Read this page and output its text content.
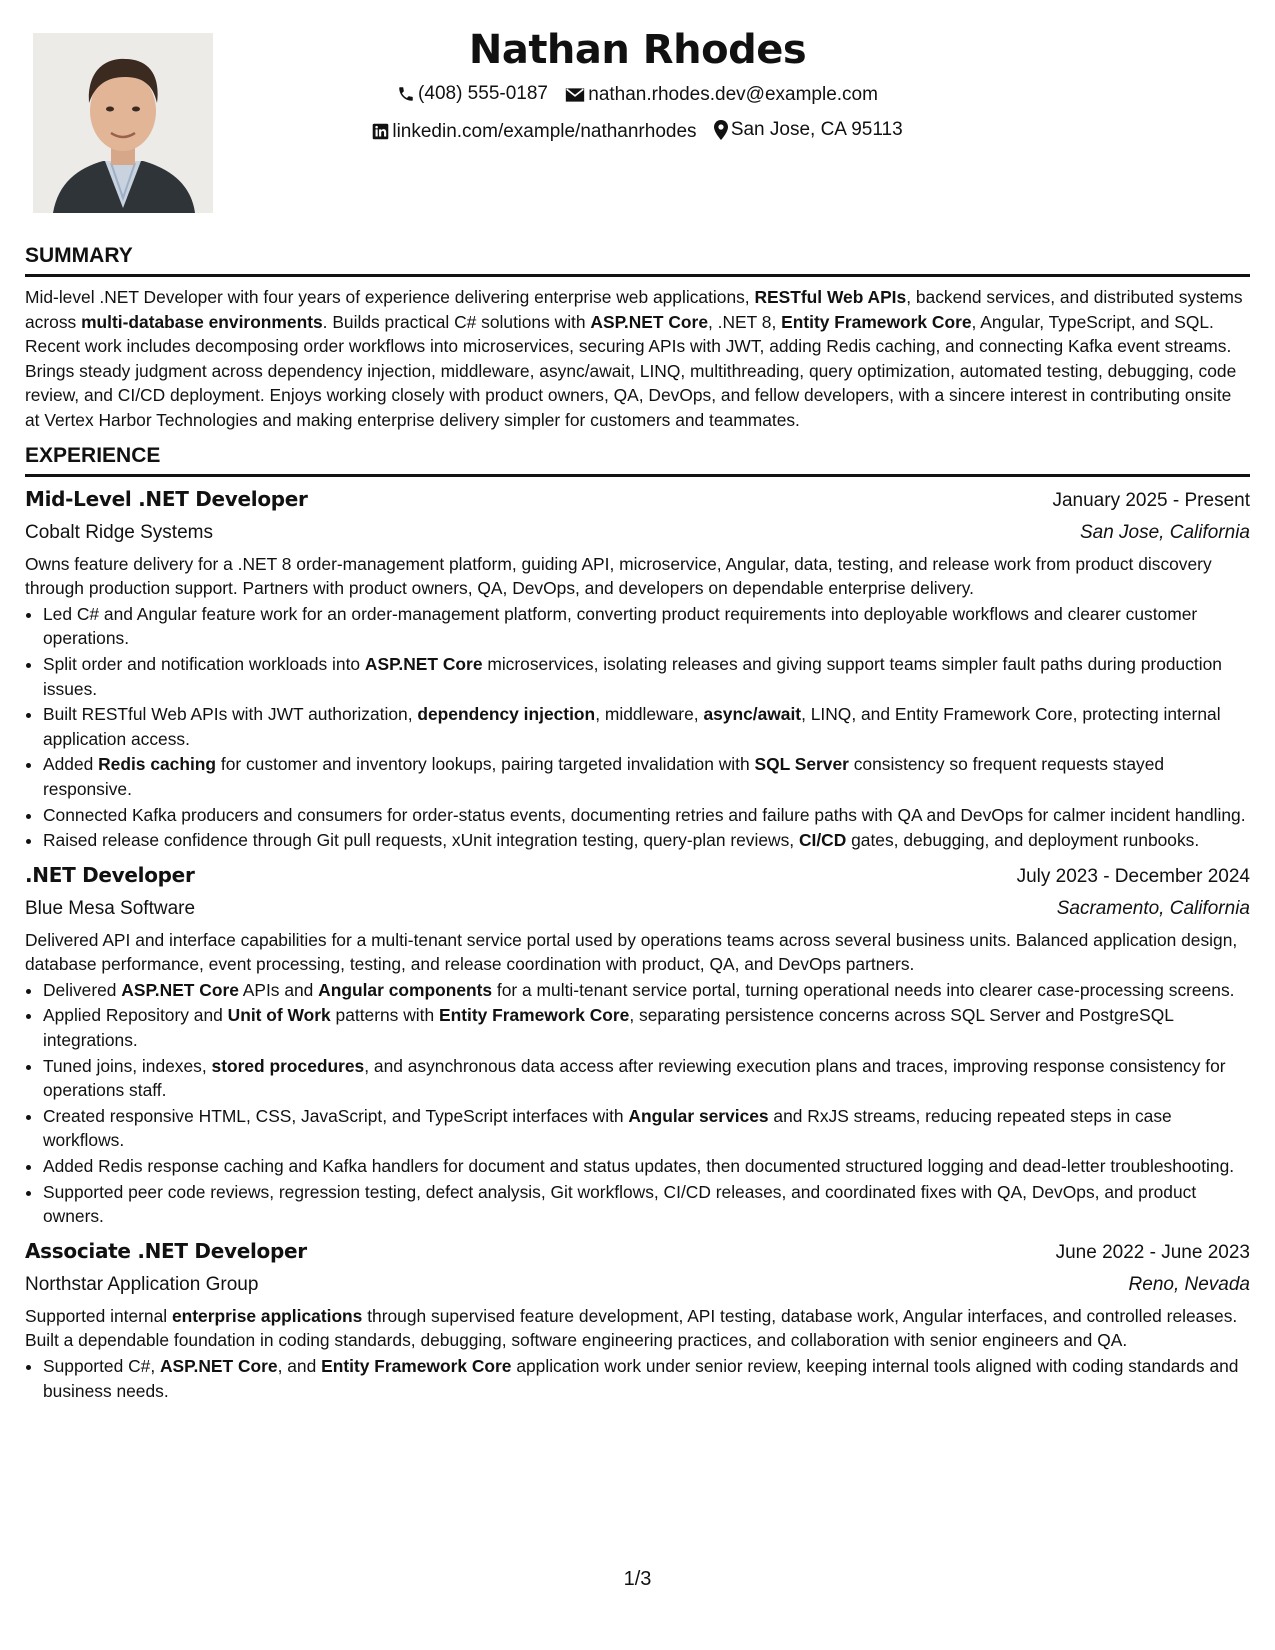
Nathan Rhodes
(408) 555-0187
nathan.rhodes.dev@example.com
linkedin.com/example/nathanrhodes
San Jose, CA 95113
SUMMARY

Mid-level .NET Developer with four years of experience delivering enterprise web applications, RESTful Web APIs, backend services, and distributed systems across multi-database environments. Builds practical C# solutions with ASP.NET Core, .NET 8, Entity Framework Core, Angular, TypeScript, and SQL. Recent work includes decomposing order workflows into microservices, securing APIs with JWT, adding Redis caching, and connecting Kafka event streams. Brings steady judgment across dependency injection, middleware, async/await, LINQ, multithreading, query optimization, automated testing, debugging, code review, and CI/CD deployment. Enjoys working closely with product owners, QA, DevOps, and fellow developers, with a sincere interest in contributing onsite at Vertex Harbor Technologies and making enterprise delivery simpler for customers and teammates.

EXPERIENCE
Mid-Level .NET Developer	January 2025 - Present
Cobalt Ridge Systems	San Jose, California

Owns feature delivery for a .NET 8 order-management platform, guiding API, microservice, Angular, data, testing, and release work from product discovery through production support. Partners with product owners, QA, DevOps, and developers on dependable enterprise delivery.

• Led C# and Angular feature work for an order-management platform, converting product requirements into deployable workflows and clearer customer operations.
• Split order and notification workloads into ASP.NET Core microservices, isolating releases and giving support teams simpler fault paths during production issues.
• Built RESTful Web APIs with JWT authorization, dependency injection, middleware, async/await, LINQ, and Entity Framework Core, protecting internal application access.
• Added Redis caching for customer and inventory lookups, pairing targeted invalidation with SQL Server consistency so frequent requests stayed responsive.
• Connected Kafka producers and consumers for order-status events, documenting retries and failure paths with QA and DevOps for calmer incident handling.
• Raised release confidence through Git pull requests, xUnit integration testing, query-plan reviews, CI/CD gates, debugging, and deployment runbooks.
.NET Developer	July 2023 - December 2024
Blue Mesa Software	Sacramento, California

Delivered API and interface capabilities for a multi-tenant service portal used by operations teams across several business units. Balanced application design, database performance, event processing, testing, and release coordination with product, QA, and DevOps partners.

• Delivered ASP.NET Core APIs and Angular components for a multi-tenant service portal, turning operational needs into clearer case-processing screens.
• Applied Repository and Unit of Work patterns with Entity Framework Core, separating persistence concerns across SQL Server and PostgreSQL integrations.
• Tuned joins, indexes, stored procedures, and asynchronous data access after reviewing execution plans and traces, improving response consistency for operations staff.
• Created responsive HTML, CSS, JavaScript, and TypeScript interfaces with Angular services and RxJS streams, reducing repeated steps in case workflows.
• Added Redis response caching and Kafka handlers for document and status updates, then documented structured logging and dead-letter troubleshooting.
• Supported peer code reviews, regression testing, defect analysis, Git workflows, CI/CD releases, and coordinated fixes with QA, DevOps, and product owners.
Associate .NET Developer	June 2022 - June 2023
Northstar Application Group	Reno, Nevada

Supported internal enterprise applications through supervised feature development, API testing, database work, Angular interfaces, and controlled releases. Built a dependable foundation in coding standards, debugging, software engineering practices, and collaboration with senior engineers and QA.

• Supported C#, ASP.NET Core, and Entity Framework Core application work under senior review, keeping internal tools aligned with coding standards and business needs.
1/3
